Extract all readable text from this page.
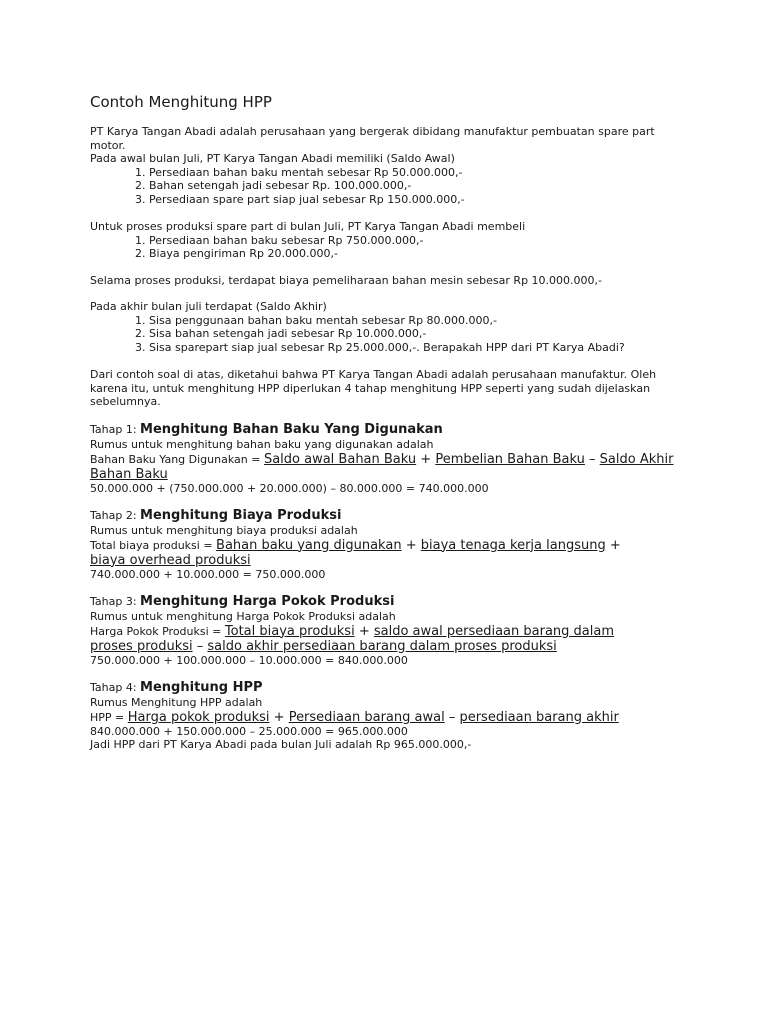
Contoh Menghitung HPP

PT Karya Tangan Abadi adalah perusahaan yang bergerak dibidang manufaktur pembuatan spare part motor.

Pada awal bulan Juli, PT Karya Tangan Abadi memiliki (Saldo Awal)

1. Persediaan bahan baku mentah sebesar Rp 50.000.000,-
2. Bahan setengah jadi sebesar Rp. 100.000.000,-
3. Persediaan spare part siap jual sebesar Rp 150.000.000,-

Untuk proses produksi spare part di bulan Juli, PT Karya Tangan Abadi membeli

1. Persediaan bahan baku sebesar Rp 750.000.000,-
2. Biaya pengiriman Rp 20.000.000,-

Selama proses produksi, terdapat biaya pemeliharaan bahan mesin sebesar Rp 10.000.000,-

Pada akhir bulan juli terdapat (Saldo Akhir)

1. Sisa penggunaan bahan baku mentah sebesar Rp 80.000.000,-
2. Sisa bahan setengah jadi sebesar Rp 10.000.000,-
3. Sisa sparepart siap jual sebesar Rp 25.000.000,-. Berapakah HPP dari PT Karya Abadi?

Dari contoh soal di atas, diketahui bahwa PT Karya Tangan Abadi adalah perusahaan manufaktur. Oleh karena itu, untuk menghitung HPP diperlukan 4 tahap menghitung HPP seperti yang sudah dijelaskan sebelumnya.

Tahap 1: Menghitung Bahan Baku Yang Digunakan

Rumus untuk menghitung bahan baku yang digunakan adalah

Bahan Baku Yang Digunakan = Saldo awal Bahan Baku + Pembelian Bahan Baku – Saldo Akhir Bahan Baku

50.000.000 + (750.000.000 + 20.000.000) – 80.000.000 = 740.000.000

Tahap 2: Menghitung Biaya Produksi

Rumus untuk menghitung biaya produksi adalah

Total biaya produksi = Bahan baku yang digunakan + biaya tenaga kerja langsung + biaya overhead produksi

740.000.000 + 10.000.000 = 750.000.000

Tahap 3: Menghitung Harga Pokok Produksi

Rumus untuk menghitung Harga Pokok Produksi adalah

Harga Pokok Produksi = Total biaya produksi + saldo awal persediaan barang dalam proses produksi – saldo akhir persediaan barang dalam proses produksi

750.000.000 + 100.000.000 – 10.000.000 = 840.000.000

Tahap 4: Menghitung HPP

Rumus Menghitung HPP adalah

HPP = Harga pokok produksi + Persediaan barang awal – persediaan barang akhir

840.000.000 + 150.000.000 – 25.000.000 = 965.000.000

Jadi HPP dari PT Karya Abadi pada bulan Juli adalah Rp 965.000.000,-
